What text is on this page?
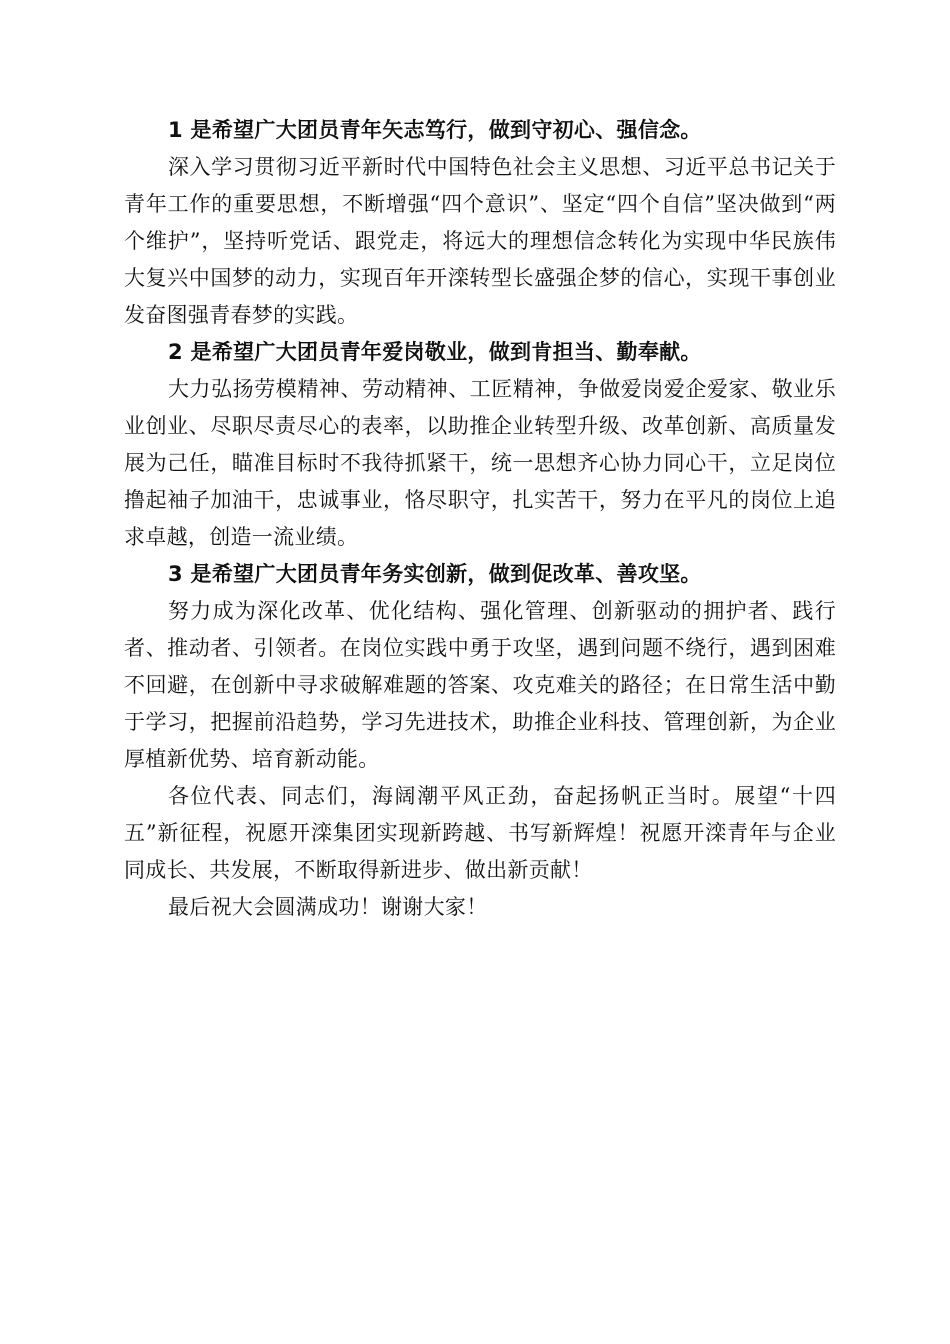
1 是希望广大团员青年矢志笃行，做到守初心、强信念。

深入学习贯彻习近平新时代中国特色社会主义思想、习近平总书记关于青年工作的重要思想，不断增强“四个意识”、坚定“四个自信”坚决做到“两个维护”，坚持听党话、跟党走，将远大的理想信念转化为实现中华民族伟大复兴中国梦的动力，实现百年开滦转型长盛强企梦的信心，实现干事创业发奋图强青春梦的实践。

2 是希望广大团员青年爱岗敬业，做到肯担当、勤奉献。

大力弘扬劳模精神、劳动精神、工匠精神，争做爱岗爱企爱家、敬业乐业创业、尽职尽责尽心的表率，以助推企业转型升级、改革创新、高质量发展为己任，瞄准目标时不我待抓紧干，统一思想齐心协力同心干，立足岗位撸起袖子加油干，忠诚事业，恪尽职守，扎实苦干，努力在平凡的岗位上追求卓越，创造一流业绩。

3 是希望广大团员青年务实创新，做到促改革、善攻坚。

努力成为深化改革、优化结构、强化管理、创新驱动的拥护者、践行者、推动者、引领者。在岗位实践中勇于攻坚，遇到问题不绕行，遇到困难不回避，在创新中寻求破解难题的答案、攻克难关的路径；在日常生活中勤于学习，把握前沿趋势，学习先进技术，助推企业科技、管理创新，为企业厚植新优势、培育新动能。

各位代表、同志们，海阔潮平风正劲，奋起扬帆正当时。展望“十四五”新征程，祝愿开滦集团实现新跨越、书写新辉煌！祝愿开滦青年与企业同成长、共发展，不断取得新进步、做出新贡献！

最后祝大会圆满成功！谢谢大家！
